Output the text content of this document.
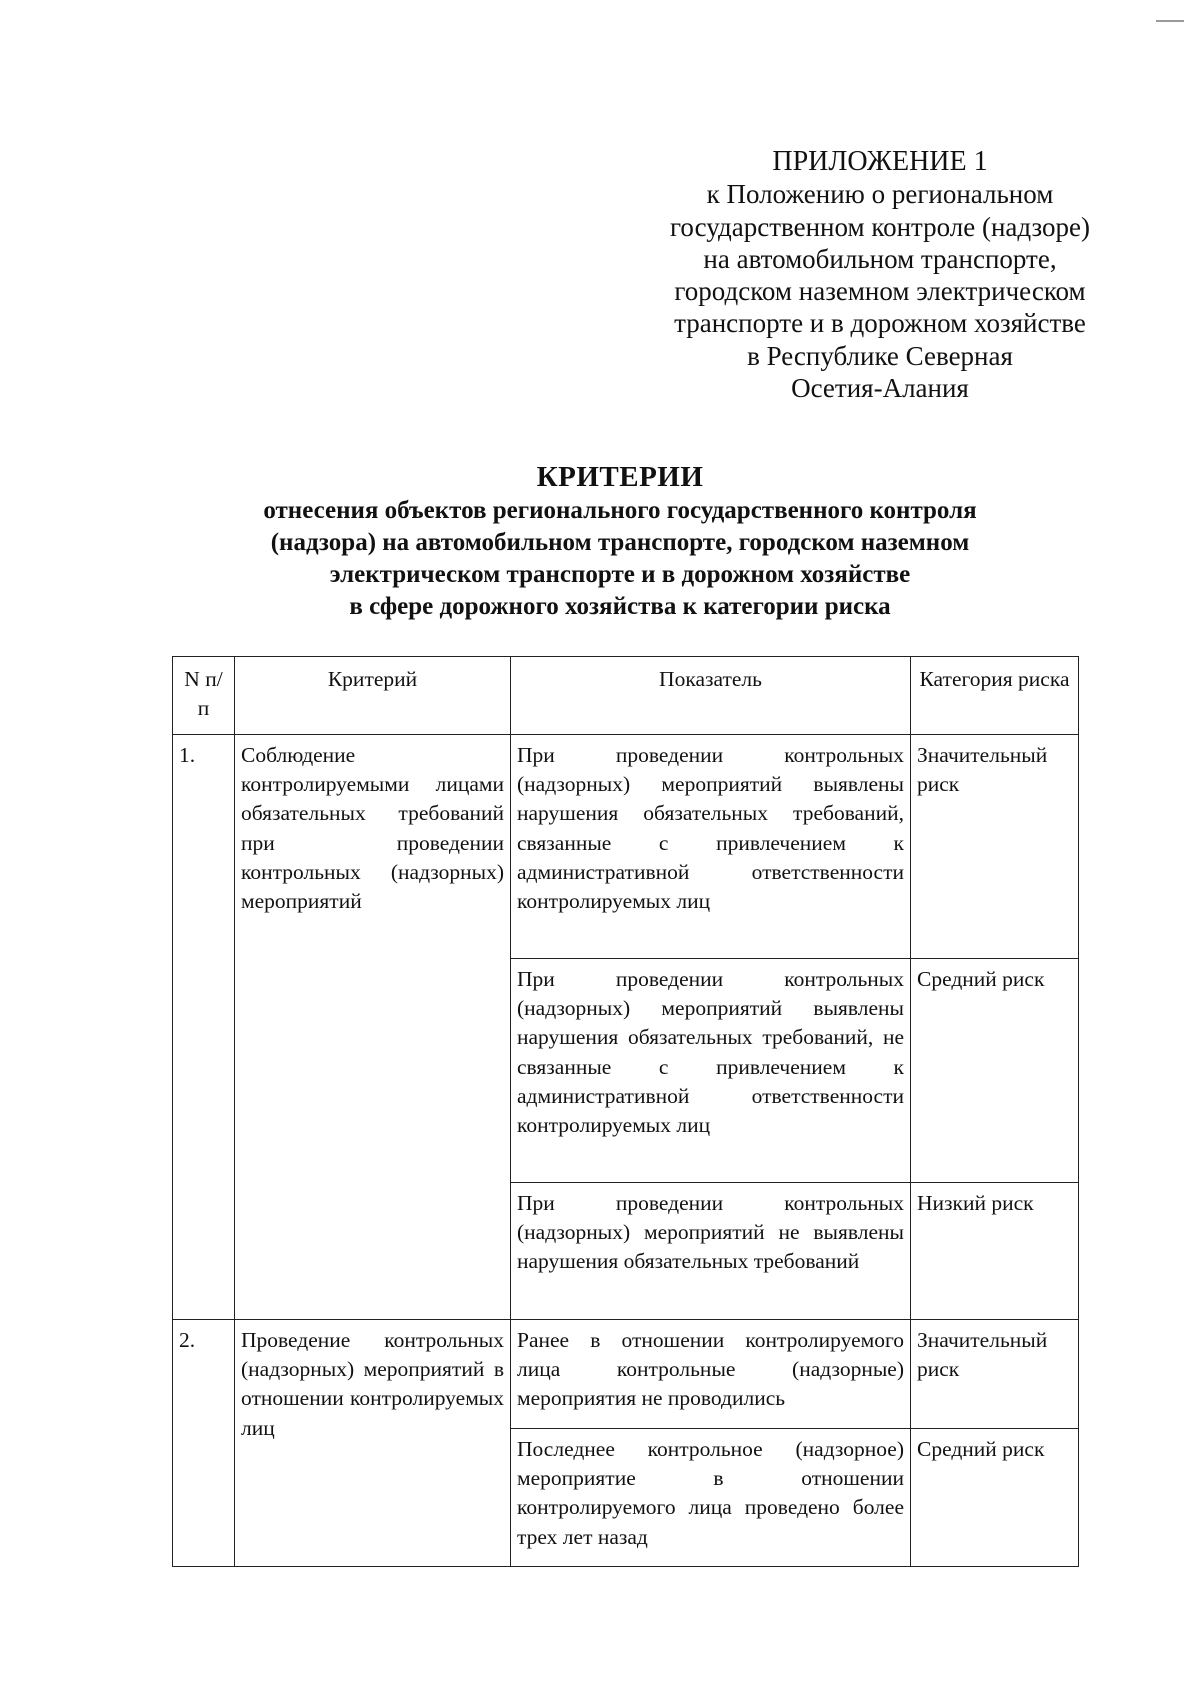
ПРИЛОЖЕНИЕ 1
к Положению о региональном
государственном контроле (надзоре)
на автомобильном транспорте,
городском наземном электрическом
транспорте и в дорожном хозяйстве
в Республике Северная
Осетия-Алания
КРИТЕРИИ
отнесения объектов регионального государственного контроля
(надзора) на автомобильном транспорте, городском наземном
электрическом транспорте и в дорожном хозяйстве
в сфере дорожного хозяйства к категории риска
N п/п	Критерий	Показатель	Категория риска
1.	Соблюдение контролируемыми лицами обязательных требований при проведении контрольных (надзорных) мероприятий	При проведении контрольных (надзорных) мероприятий выявлены нарушения обязательных требований, связанные с привлечением к административной ответственности контролируемых лиц	Значительный риск
		При проведении контрольных (надзорных) мероприятий выявлены нарушения обязательных требований, не связанные с привлечением к административной ответственности контролируемых лиц	Средний риск
		При проведении контрольных (надзорных) мероприятий не выявлены нарушения обязательных требований	Низкий риск
2.	Проведение контрольных (надзорных) мероприятий в отношении контролируемых лиц	Ранее в отношении контролируемого лица контрольные (надзорные) мероприятия не проводились	Значительный риск
		Последнее контрольное (надзорное) мероприятие в отношении контролируемого лица проведено более трех лет назад	Средний риск
